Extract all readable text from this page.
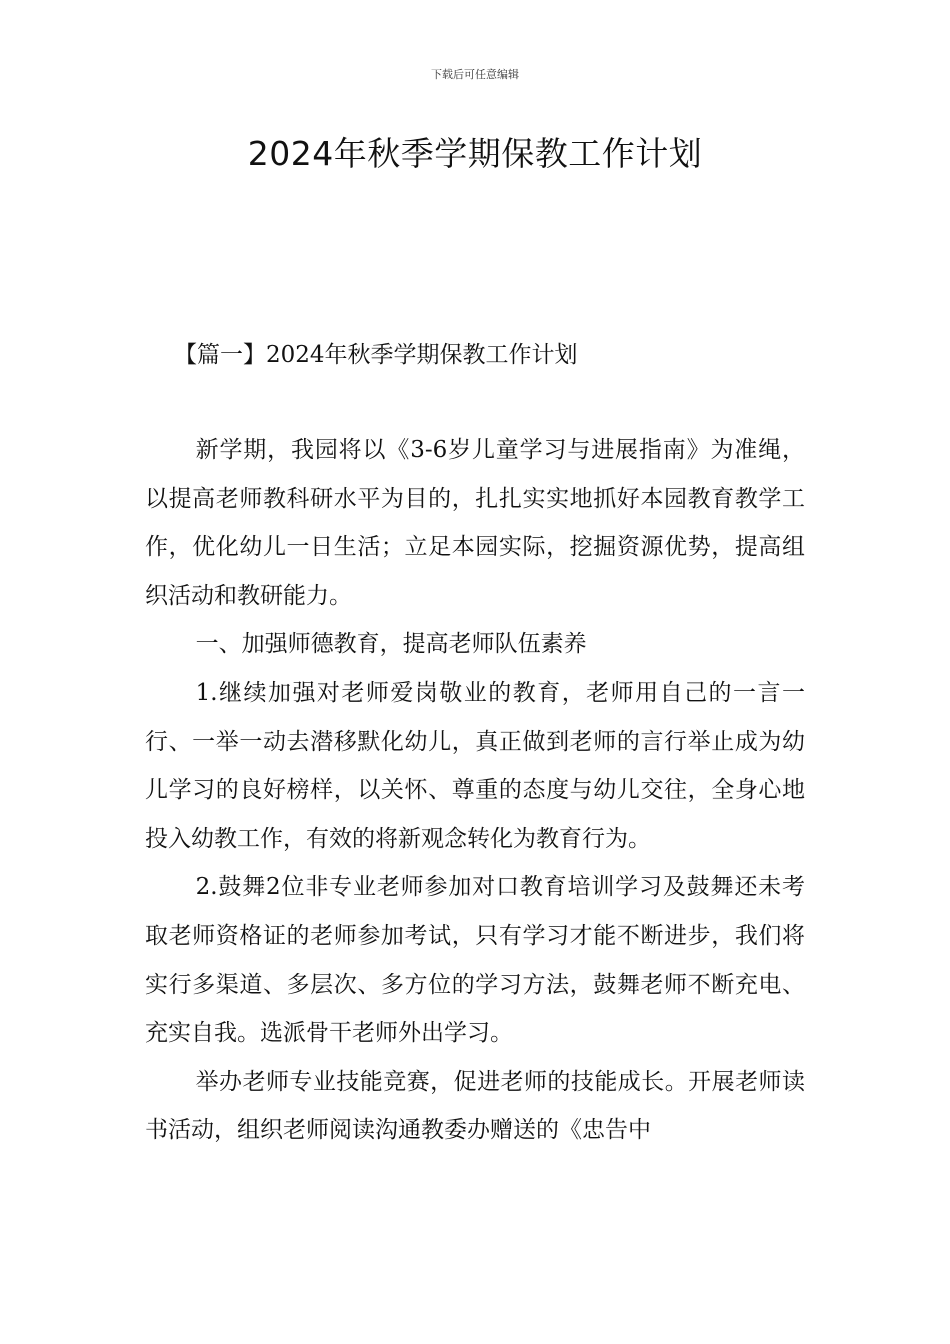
下载后可任意编辑
2024年秋季学期保教工作计划
【篇一】2024年秋季学期保教工作计划

新学期，我园将以《3-6岁儿童学习与进展指南》为准绳，以提高老师教科研水平为目的，扎扎实实地抓好本园教育教学工作，优化幼儿一日生活；立足本园实际，挖掘资源优势，提高组织活动和教研能力。

一、加强师德教育，提高老师队伍素养

1.继续加强对老师爱岗敬业的教育，老师用自己的一言一行、一举一动去潜移默化幼儿，真正做到老师的言行举止成为幼儿学习的良好榜样，以关怀、尊重的态度与幼儿交往，全身心地投入幼教工作，有效的将新观念转化为教育行为。

2.鼓舞2位非专业老师参加对口教育培训学习及鼓舞还未考取老师资格证的老师参加考试，只有学习才能不断进步，我们将实行多渠道、多层次、多方位的学习方法，鼓舞老师不断充电、充实自我。选派骨干老师外出学习。

举办老师专业技能竞赛，促进老师的技能成长。开展老师读书活动，组织老师阅读沟通教委办赠送的《忠告中
